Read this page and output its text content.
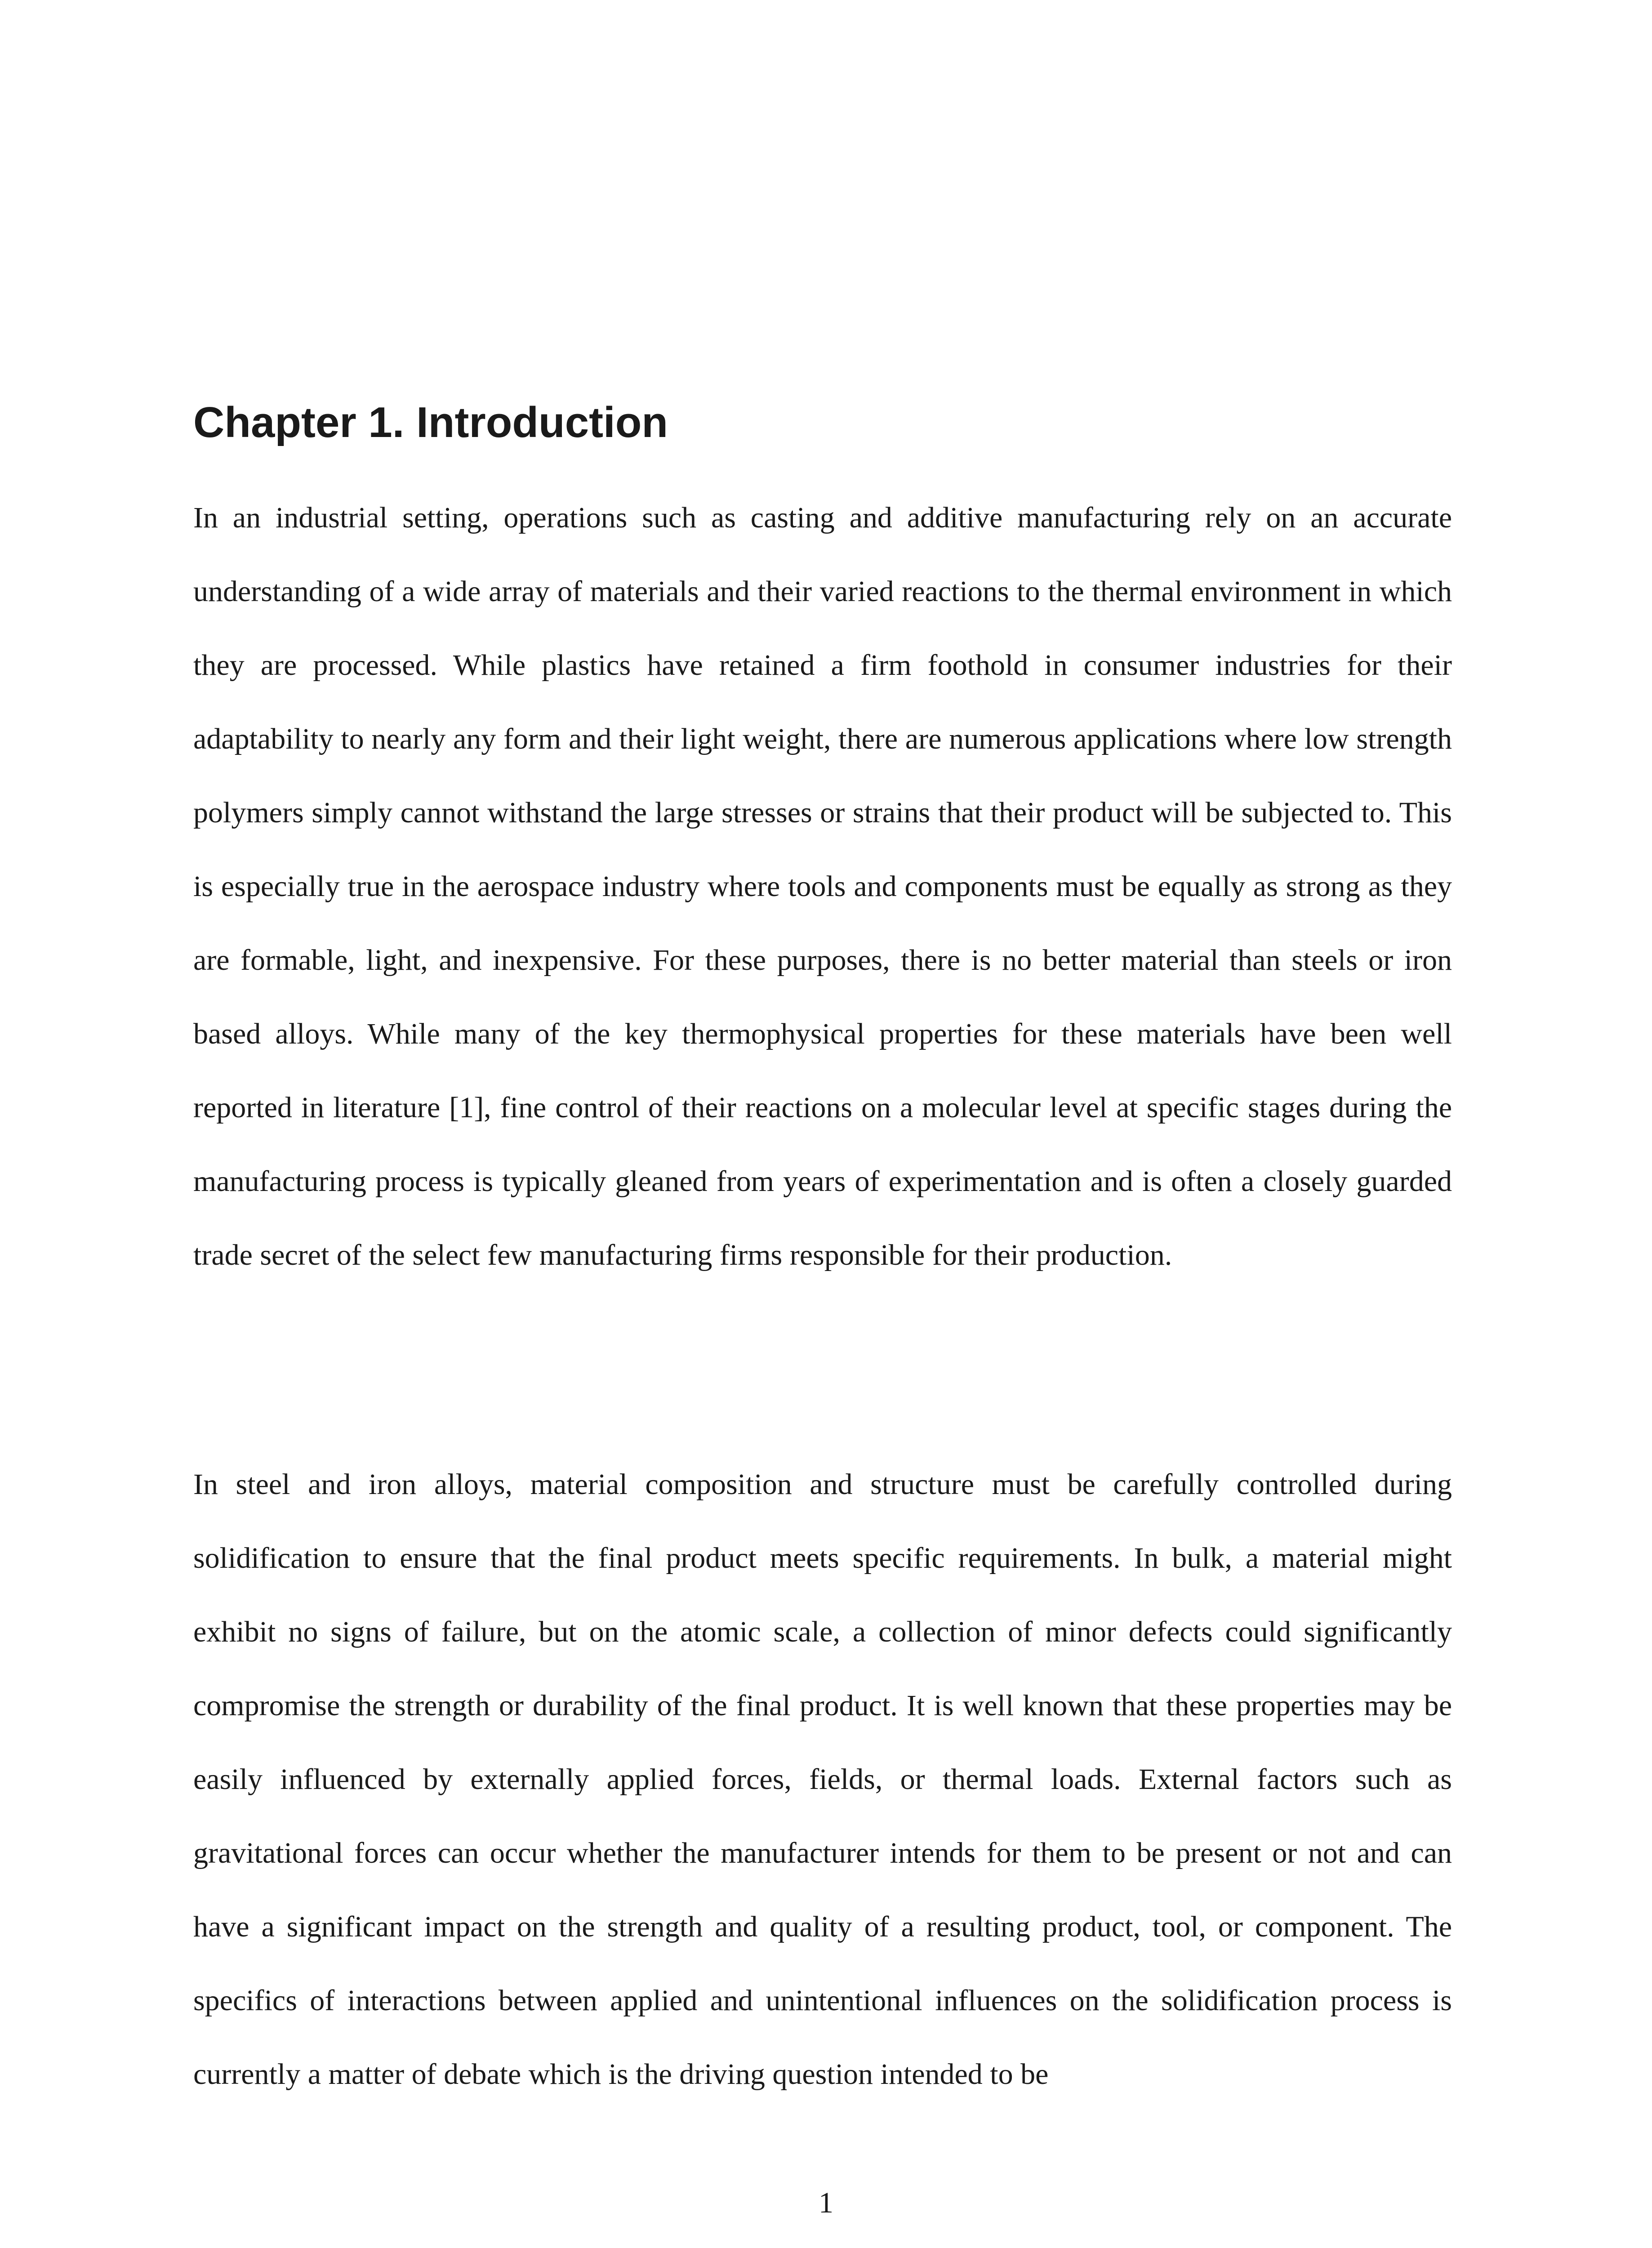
Chapter 1. Introduction

In an industrial setting, operations such as casting and additive manufacturing rely on an accurate understanding of a wide array of materials and their varied reactions to the thermal environment in which they are processed. While plastics have retained a firm foothold in consumer industries for their adaptability to nearly any form and their light weight, there are numerous applications where low strength polymers simply cannot withstand the large stresses or strains that their product will be subjected to. This is especially true in the aerospace industry where tools and components must be equally as strong as they are formable, light, and inexpensive. For these purposes, there is no better material than steels or iron based alloys. While many of the key thermophysical properties for these materials have been well reported in literature [1], fine control of their reactions on a molecular level at specific stages during the manufacturing process is typically gleaned from years of experimentation and is often a closely guarded trade secret of the select few manufacturing firms responsible for their production.

In steel and iron alloys, material composition and structure must be carefully controlled during solidification to ensure that the final product meets specific requirements. In bulk, a material might exhibit no signs of failure, but on the atomic scale, a collection of minor defects could significantly compromise the strength or durability of the final product. It is well known that these properties may be easily influenced by externally applied forces, fields, or thermal loads. External factors such as gravitational forces can occur whether the manufacturer intends for them to be present or not and can have a significant impact on the strength and quality of a resulting product, tool, or component. The specifics of interactions between applied and unintentional influences on the solidification process is currently a matter of debate which is the driving question intended to be

1
